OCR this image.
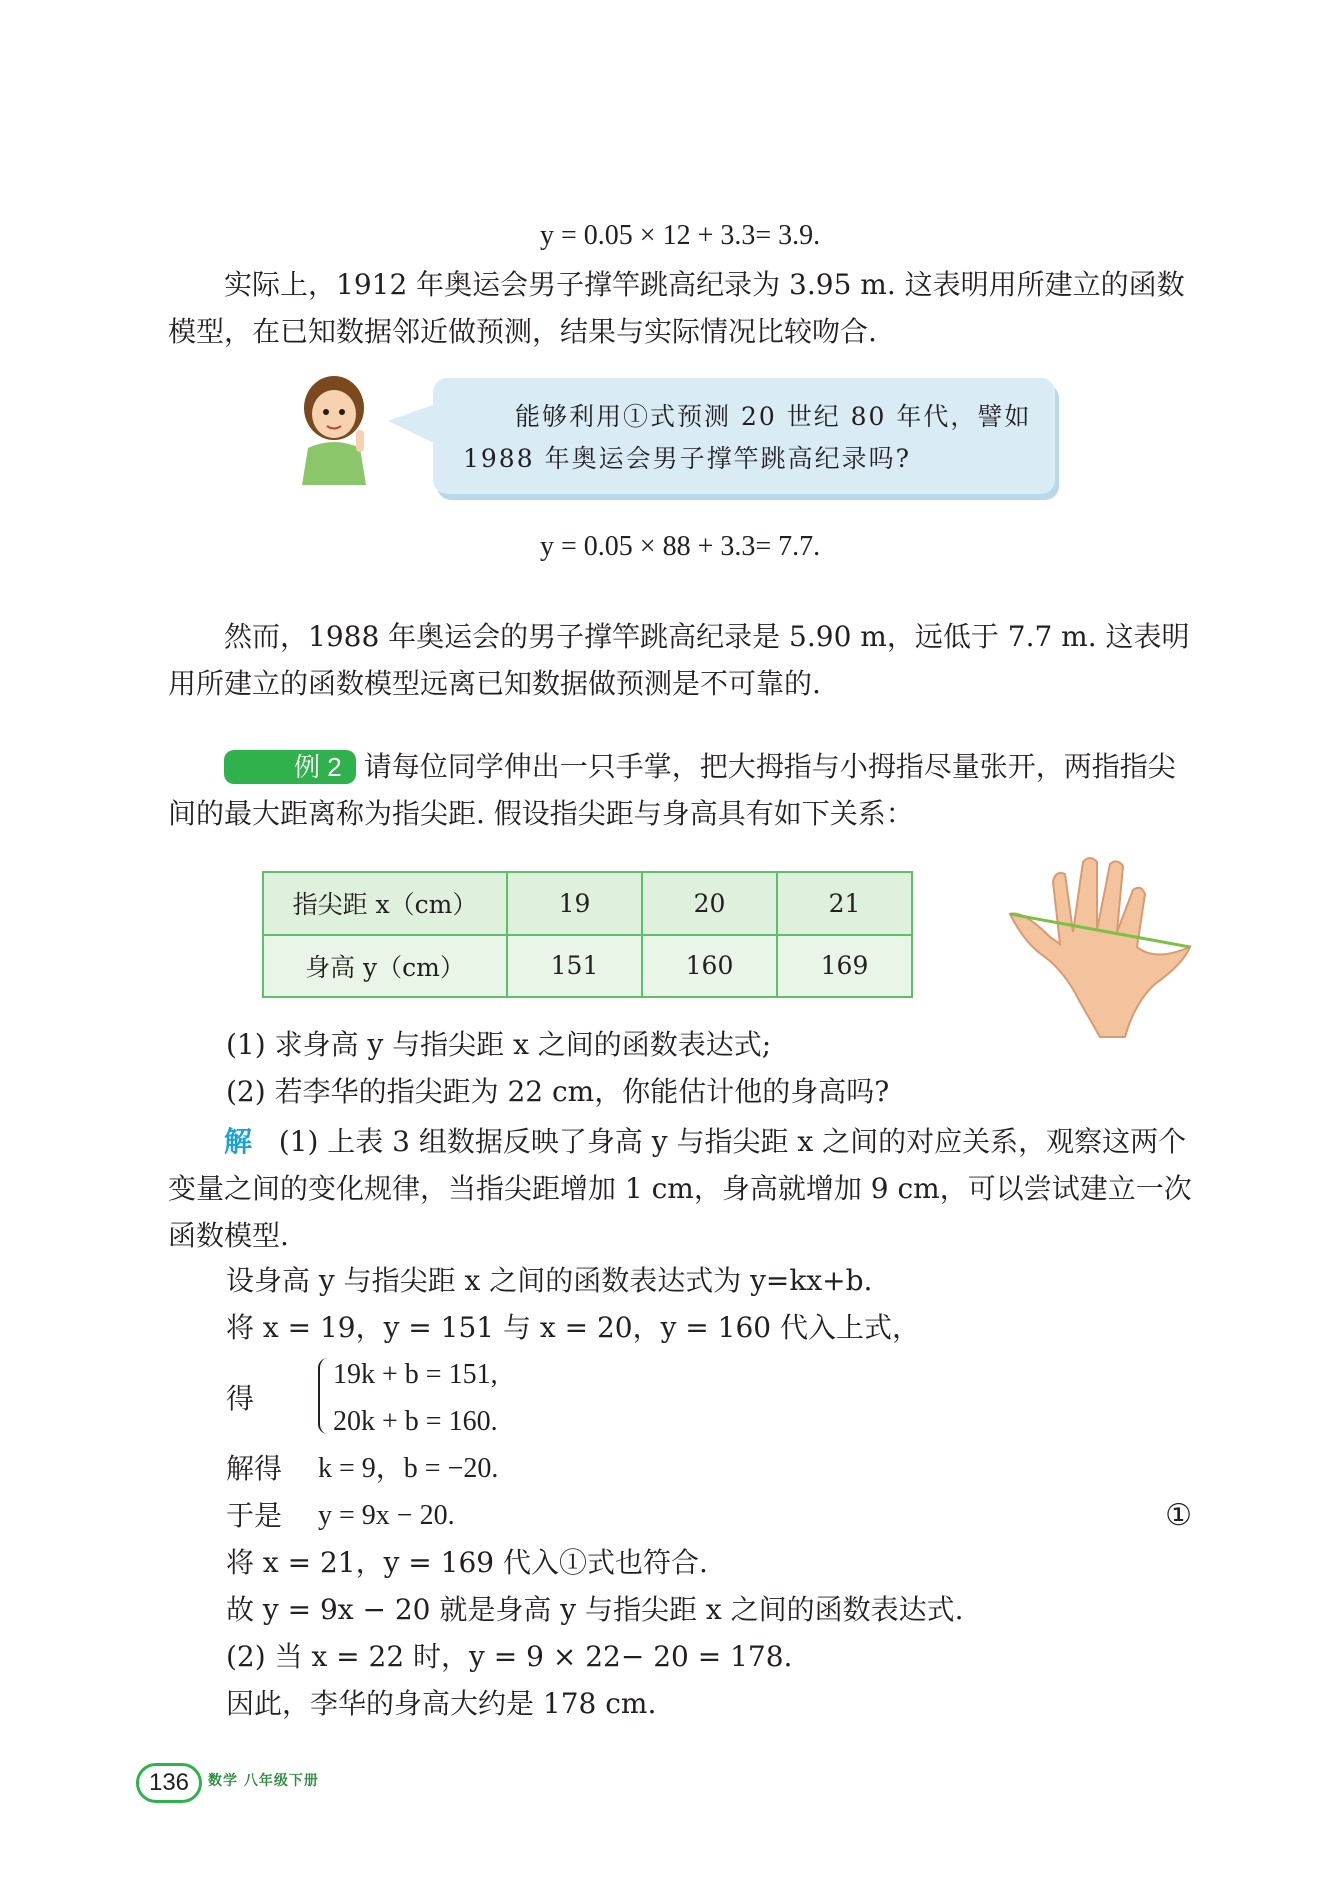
y = 0.05 × 12 + 3.3= 3.9.
实际上，1912 年奥运会男子撑竿跳高纪录为 3.95 m. 这表明用所建立的函数模型，在已知数据邻近做预测，结果与实际情况比较吻合.
能够利用①式预测 20 世纪 80 年代，譬如 1988 年奥运会男子撑竿跳高纪录吗?
y = 0.05 × 88 + 3.3= 7.7.
然而，1988 年奥运会的男子撑竿跳高纪录是 5.90 m，远低于 7.7 m. 这表明用所建立的函数模型远离已知数据做预测是不可靠的.
例 2 请每位同学伸出一只手掌，把大拇指与小拇指尽量张开，两指指尖间的最大距离称为指尖距. 假设指尖距与身高具有如下关系：
指尖距 x（cm）	19	20	21
身高 y（cm）	151	160	169
(1) 求身高 y 与指尖距 x 之间的函数表达式;
(2) 若李华的指尖距为 22 cm，你能估计他的身高吗?
解 (1) 上表 3 组数据反映了身高 y 与指尖距 x 之间的对应关系，观察这两个变量之间的变化规律，当指尖距增加 1 cm，身高就增加 9 cm，可以尝试建立一次函数模型.
设身高 y 与指尖距 x 之间的函数表达式为 y=kx+b.
将 x = 19，y = 151 与 x = 20，y = 160 代入上式，
得
19k + b = 151,
20k + b = 160.
解得 k = 9，b = −20.
于是 y = 9x − 20.	①
将 x = 21，y = 169 代入①式也符合.
故 y = 9x − 20 就是身高 y 与指尖距 x 之间的函数表达式.
(2) 当 x = 22 时，y = 9 × 22− 20 = 178.
因此，李华的身高大约是 178 cm.
136	数学 八年级下册
